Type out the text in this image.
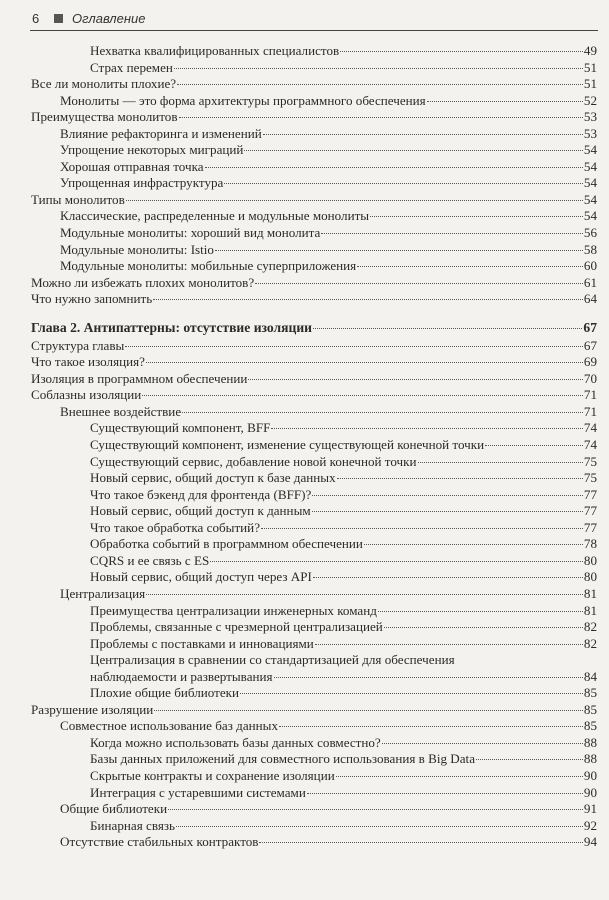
6	Оглавление
Нехватка квалифицированных специалистов	49
Страх перемен	51
Все ли монолиты плохие?	51
Монолиты — это форма архитектуры программного обеспечения	52
Преимущества монолитов	53
Влияние рефакторинга и изменений	53
Упрощение некоторых миграций	54
Хорошая отправная точка	54
Упрощенная инфраструктура	54
Типы монолитов	54
Классические, распределенные и модульные монолиты	54
Модульные монолиты: хороший вид монолита	56
Модульные монолиты: Istio	58
Модульные монолиты: мобильные суперприложения	60
Можно ли избежать плохих монолитов?	61
Что нужно запомнить	64
Глава 2. Антипаттерны: отсутствие изоляции	67
Структура главы	67
Что такое изоляция?	69
Изоляция в программном обеспечении	70
Соблазны изоляции	71
Внешнее воздействие	71
Существующий компонент, BFF	74
Существующий компонент, изменение существующей конечной точки	74
Существующий сервис, добавление новой конечной точки	75
Новый сервис, общий доступ к базе данных	75
Что такое бэкенд для фронтенда (BFF)?	77
Новый сервис, общий доступ к данным	77
Что такое обработка событий?	77
Обработка событий в программном обеспечении	78
CQRS и ее связь с ES	80
Новый сервис, общий доступ через API	80
Централизация	81
Преимущества централизации инженерных команд	81
Проблемы, связанные с чрезмерной централизацией	82
Проблемы с поставками и инновациями	82
Централизация в сравнении со стандартизацией для обеспечения
наблюдаемости и развертывания	84
Плохие общие библиотеки	85
Разрушение изоляции	85
Совместное использование баз данных	85
Когда можно использовать базы данных совместно?	88
Базы данных приложений для совместного использования в Big Data	88
Скрытые контракты и сохранение изоляции	90
Интеграция с устаревшими системами	90
Общие библиотеки	91
Бинарная связь	92
Отсутствие стабильных контрактов	94
